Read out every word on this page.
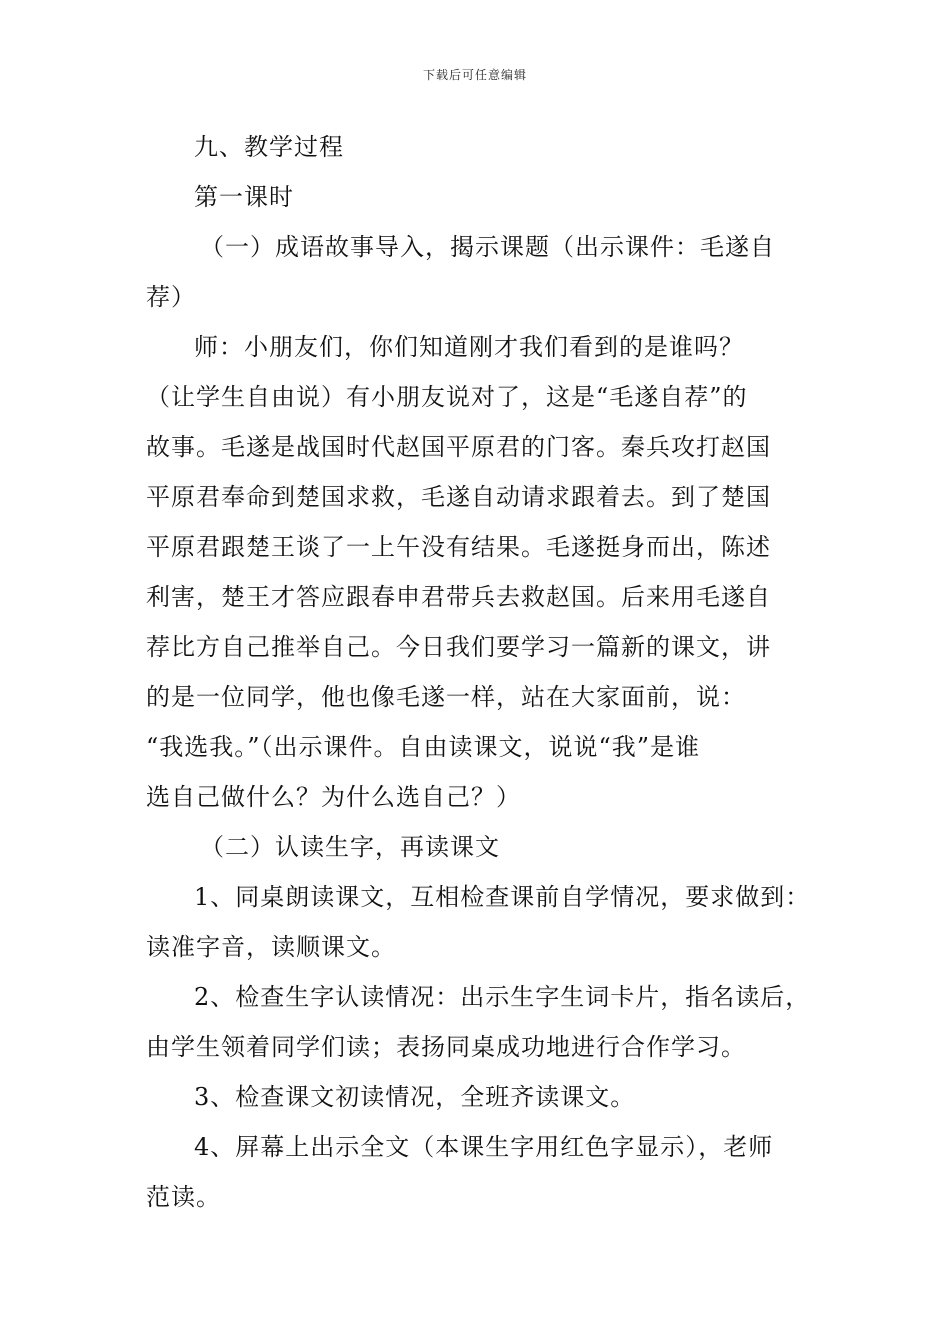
下载后可任意编辑

九、教学过程

第一课时

（一）成语故事导入，揭示课题（出示课件：毛遂自

荐）

师：小朋友们，你们知道刚才我们看到的是谁吗？

（让学生自由说）有小朋友说对了，这是“毛遂自荐”的

故事。毛遂是战国时代赵国平原君的门客。秦兵攻打赵国

平原君奉命到楚国求救，毛遂自动请求跟着去。到了楚国

平原君跟楚王谈了一上午没有结果。毛遂挺身而出，陈述

利害，楚王才答应跟春申君带兵去救赵国。后来用毛遂自

荐比方自己推举自己。今日我们要学习一篇新的课文，讲

的是一位同学，他也像毛遂一样，站在大家面前，说：

“我选我。”（出示课件。自由读课文，说说“我”是谁

选自己做什么？为什么选自己？）

（二）认读生字，再读课文

1、同桌朗读课文，互相检查课前自学情况，要求做到：

读准字音，读顺课文。

2、检查生字认读情况：出示生字生词卡片，指名读后，

由学生领着同学们读；表扬同桌成功地进行合作学习。

3、检查课文初读情况，全班齐读课文。

4、屏幕上出示全文（本课生字用红色字显示），老师

范读。
